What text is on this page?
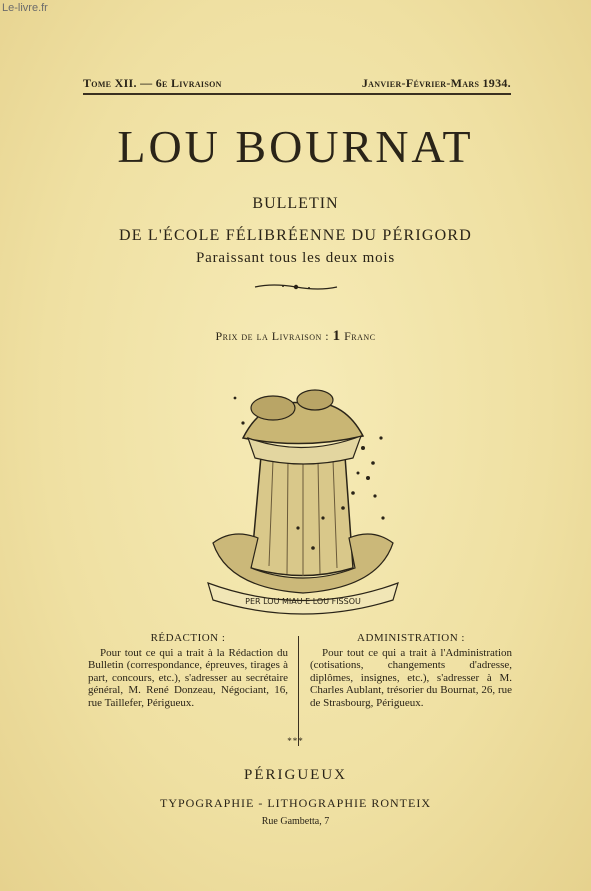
Le-livre.fr
Tome XII. — 6e Livraison	Janvier-Février-Mars 1934.
LOU BOURNAT
BULLETIN
DE L'ÉCOLE FÉLIBRÉENNE DU PÉRIGORD
Paraissant tous les deux mois
Prix de la Livraison : 1 Franc
PER LOU MIAU E LOU FISSOU
RÉDACTION :
Pour tout ce qui a trait à la Rédaction du Bulletin (correspondance, épreuves, tirages à part, concours, etc.), s'adresser au secrétaire général, M. René Donzeau, Négociant, 16, rue Taillefer, Périgueux.
ADMINISTRATION :
Pour tout ce qui a trait à l'Administration (cotisations, changements d'adresse, diplômes, insignes, etc.), s'adresser à M. Charles Aublant, trésorier du Bournat, 26, rue de Strasbourg, Périgueux.
***
PÉRIGUEUX
TYPOGRAPHIE - LITHOGRAPHIE RONTEIX
Rue Gambetta, 7
